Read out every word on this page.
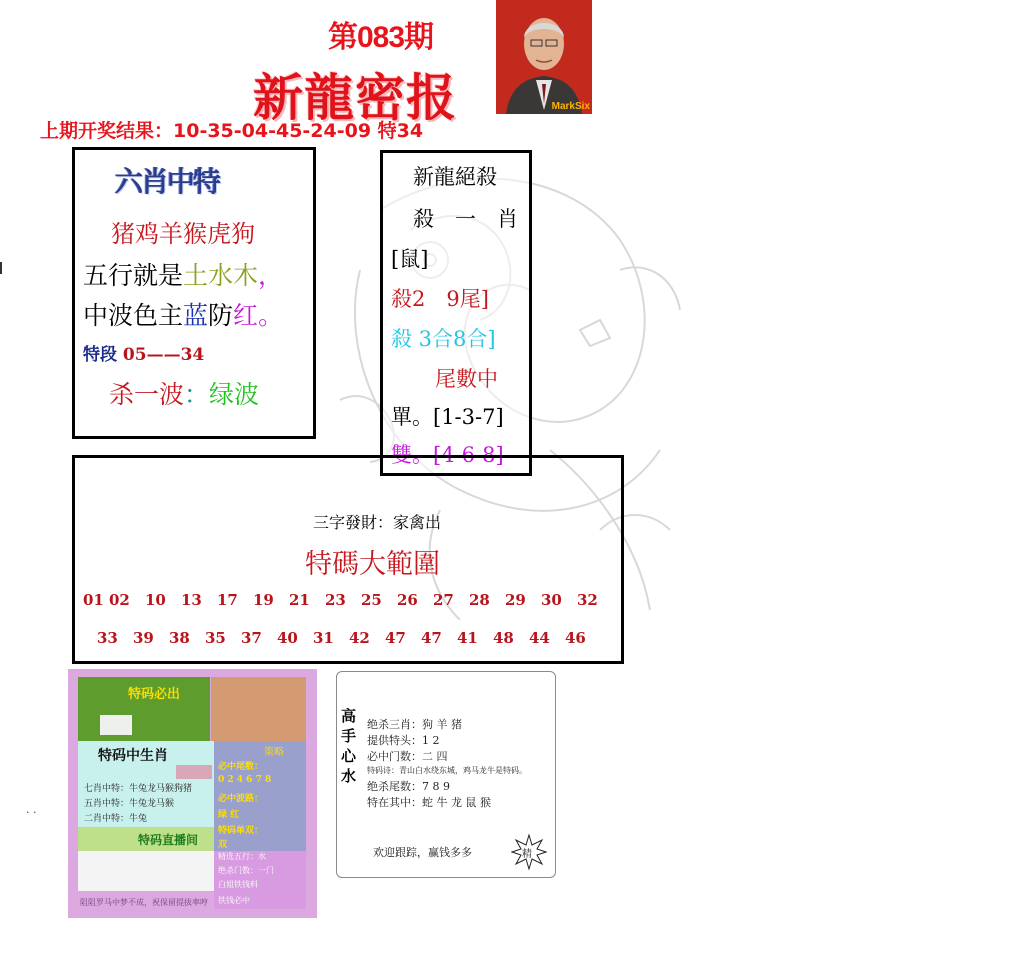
第083期
新龍密报	MarkSix
上期开奖结果：10-35-04-45-24-09 特34
· ·
六肖中特
猪鸡羊猴虎狗
五行就是土水木，
中波色主蓝防红。
特段 05——34
杀一波：绿波
新龍絕殺
殺　一　肖
[鼠]
殺2　9尾]
殺 3合8合]
尾數中
單。[1-3-7]
雙。[4-6-8]
三字發財：家禽出
特碼大範圍
01 02 10 13 17 19 21 23 25 26 27 28 29 30 32
33 39 38 35 37 40 31 42 47 47 41 48 44 46
特码必出
特码中生肖
七肖中特：牛兔龙马猴狗猪
五肖中特：牛兔龙马猴
二肖中特：牛兔
策略
必中尾数：
0 2 4 6 7 8
必中波路：
绿 红
特码单双：
双
特码直播间
精选五行：水
绝杀门数：一门
白姐铁钱料
铁钱必中
阻阻罗马中梦不成，祝保留提拔率哼
高手心水
绝杀三肖：狗 羊 猪
提供特头：1 2
必中门数：二 四
特码诗：青山白水绕东城，鸡马龙牛是特码。
绝杀尾数：7 8 9
特在其中：蛇 牛 龙 鼠 猴
欢迎跟踪，赢钱多多	精
